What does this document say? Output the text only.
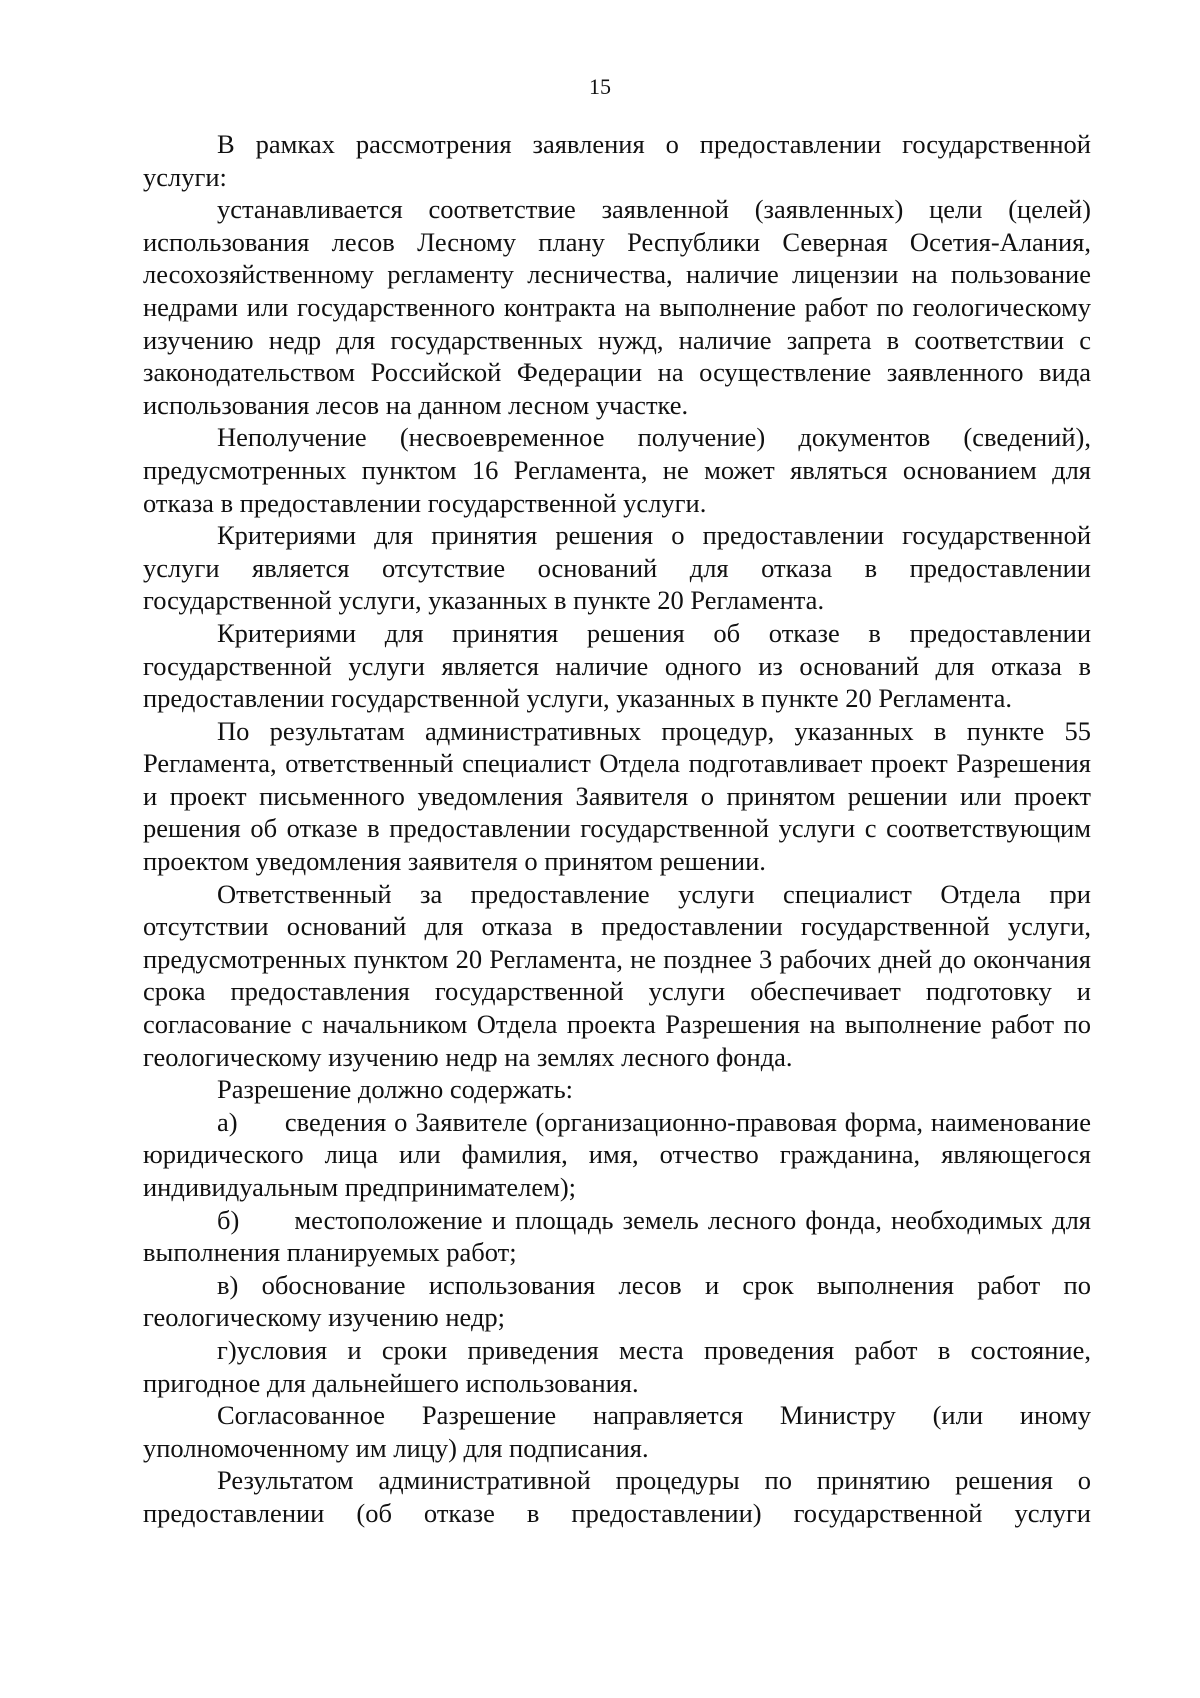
15

В рамках рассмотрения заявления о предоставлении государственной услуги:

устанавливается соответствие заявленной (заявленных) цели (целей) использования лесов Лесному плану Республики Северная Осетия-Алания, лесохозяйственному регламенту лесничества, наличие лицензии на пользование недрами или государственного контракта на выполнение работ по геологическому изучению недр для государственных нужд, наличие запрета в соответствии с законодательством Российской Федерации на осуществление заявленного вида использования лесов на данном лесном участке.

Неполучение (несвоевременное получение) документов (сведений), предусмотренных пунктом 16 Регламента, не может являться основанием для отказа в предоставлении государственной услуги.

Критериями для принятия решения о предоставлении государственной услуги является отсутствие оснований для отказа в предоставлении государственной услуги, указанных в пункте 20 Регламента.

Критериями для принятия решения об отказе в предоставлении государственной услуги является наличие одного из оснований для отказа в предоставлении государственной услуги, указанных в пункте 20 Регламента.

По результатам административных процедур, указанных в пункте 55 Регламента, ответственный специалист Отдела подготавливает проект Разрешения и проект письменного уведомления Заявителя о принятом решении или проект решения об отказе в предоставлении государственной услуги с соответствующим проектом уведомления заявителя о принятом решении.

Ответственный за предоставление услуги специалист Отдела при отсутствии оснований для отказа в предоставлении государственной услуги, предусмотренных пунктом 20 Регламента, не позднее 3 рабочих дней до окончания срока предоставления государственной услуги обеспечивает подготовку и согласование с начальником Отдела проекта Разрешения на выполнение работ по геологическому изучению недр на землях лесного фонда.

Разрешение должно содержать:

а)      сведения о Заявителе (организационно-правовая форма, наименование юридического лица или фамилия, имя, отчество гражданина, являющегося индивидуальным предпринимателем);

б)      местоположение и площадь земель лесного фонда, необходимых для выполнения планируемых работ;

в) обоснование использования лесов и срок выполнения работ по геологическому изучению недр;

г)условия и сроки приведения места проведения работ в состояние, пригодное для дальнейшего использования.

Согласованное Разрешение направляется Министру (или иному уполномоченному им лицу) для подписания.

Результатом административной процедуры по принятию решения о предоставлении (об отказе в предоставлении) государственной услуги
